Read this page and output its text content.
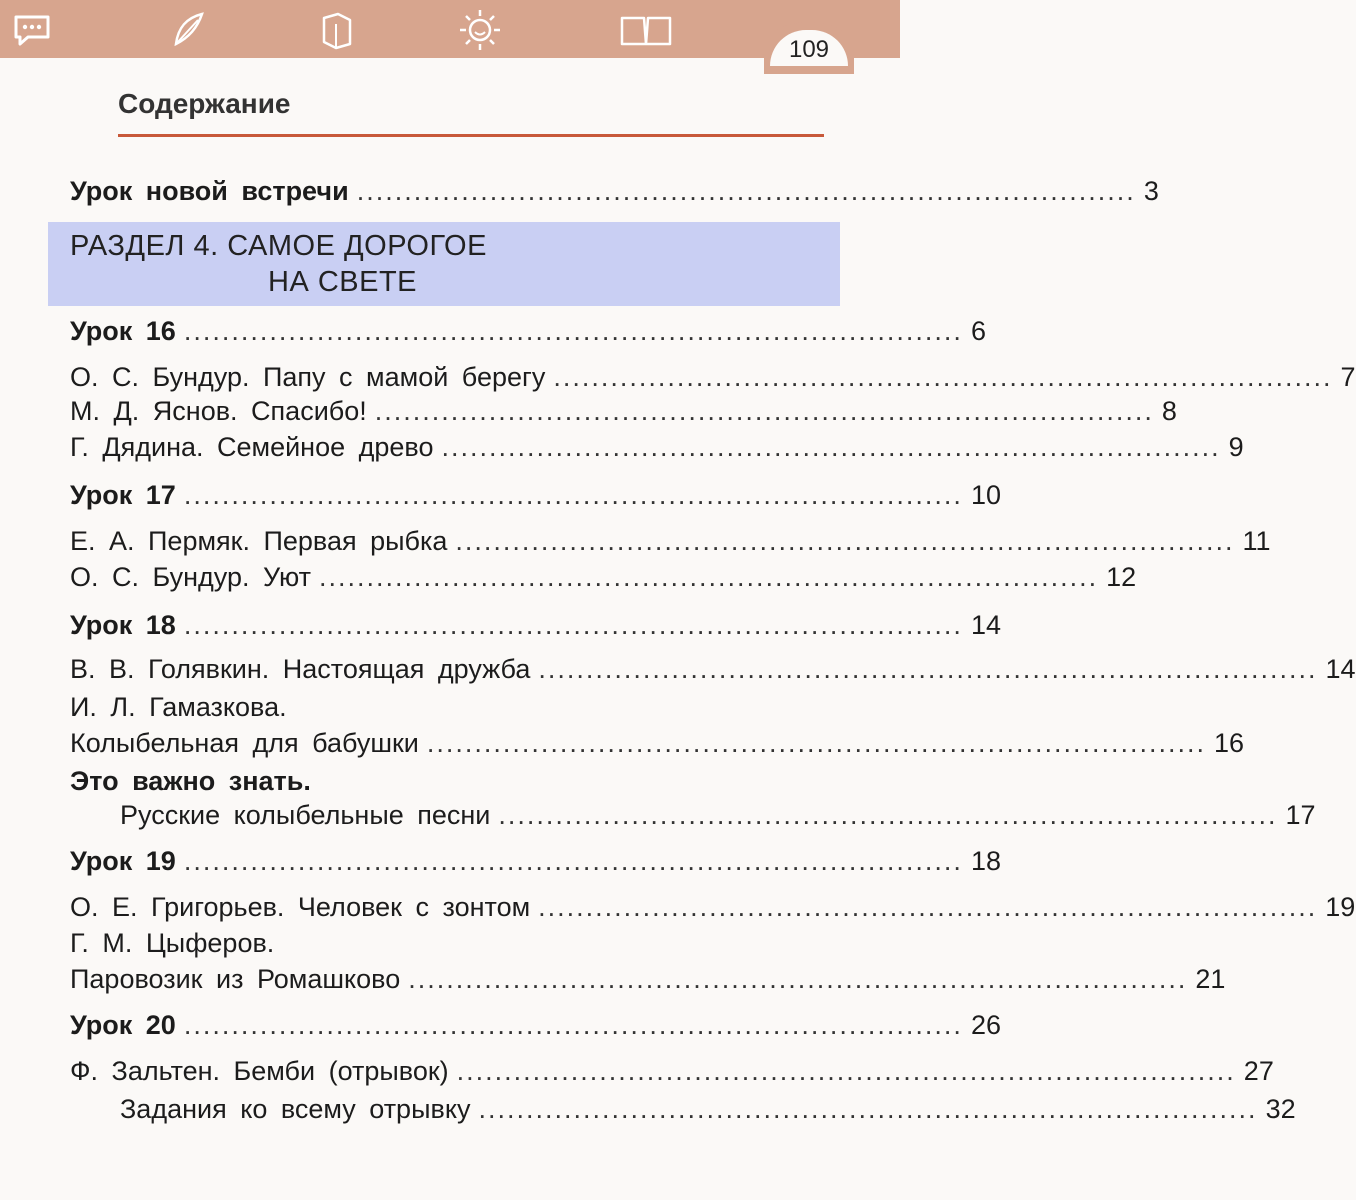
109
Содержание
Урок новой встречи .................................................................................. 3
РАЗДЕЛ 4. САМОЕ ДОРОГОЕ
НА СВЕТЕ
Урок 16 .................................................................................. 6
О. С. Бундур. Папу с мамой берегу .................................................................................. 7
М. Д. Яснов. Спасибо! .................................................................................. 8
Г. Дядина. Семейное древо .................................................................................. 9
Урок 17 .................................................................................. 10
Е. А. Пермяк. Первая рыбка .................................................................................. 11
О. С. Бундур. Уют .................................................................................. 12
Урок 18 .................................................................................. 14
В. В. Голявкин. Настоящая дружба .................................................................................. 14
И. Л. Гамазкова.
Колыбельная для бабушки .................................................................................. 16
Это важно знать.
Русские колыбельные песни .................................................................................. 17
Урок 19 .................................................................................. 18
О. Е. Григорьев. Человек с зонтом .................................................................................. 19
Г. М. Цыферов.
Паровозик из Ромашково .................................................................................. 21
Урок 20 .................................................................................. 26
Ф. Зальтен. Бемби (отрывок) .................................................................................. 27
Задания ко всему отрывку .................................................................................. 32
